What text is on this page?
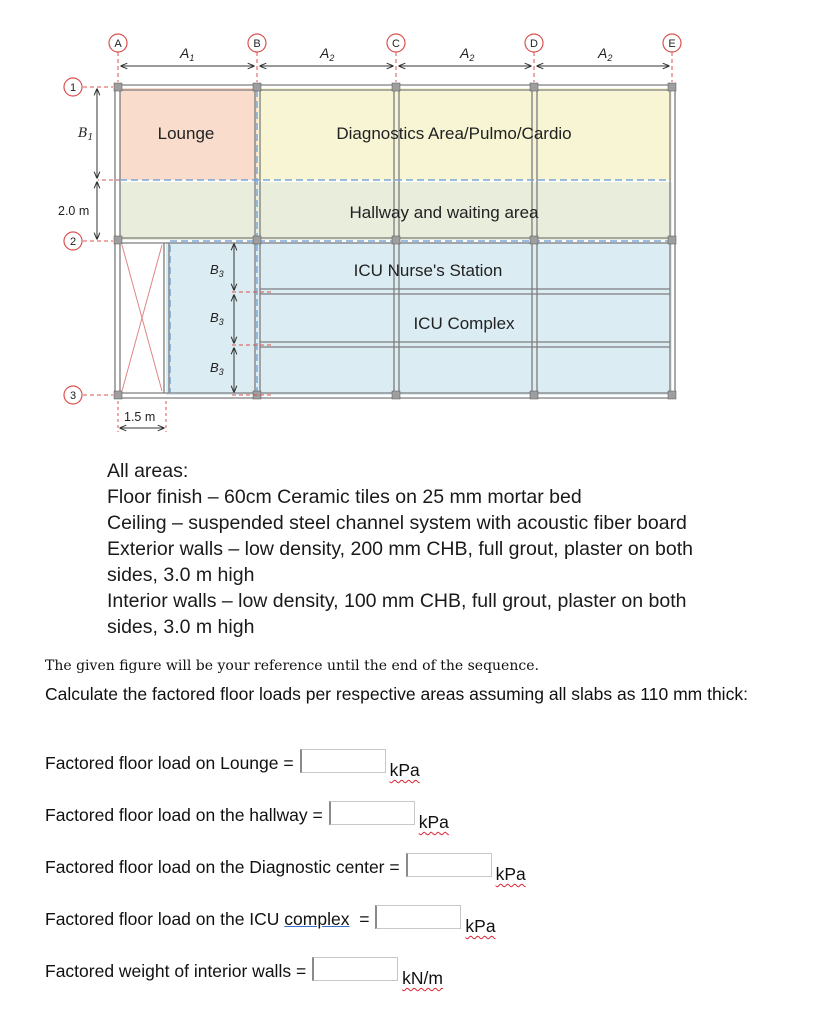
A	B	C	D	E
1
2
3
$A_1$	$A_2$	$A_2$	$A_2$
$B_1$
2.0 m
$B_3$
$B_3$
$B_3$
1.5 m
Lounge	Diagnostics Area/Pulmo/Cardio
Hallway and waiting area
ICU Nurse's Station
ICU Complex
All areas:
Floor finish – 60cm Ceramic tiles on 25 mm mortar bed
Ceiling – suspended steel channel system with acoustic fiber board
Exterior walls – low density, 200 mm CHB, full grout, plaster on both
sides, 3.0 m high
Interior walls – low density, 100 mm CHB, full grout, plaster on both
sides, 3.0 m high
The given figure will be your reference until the end of the sequence.
Calculate the factored floor loads per respective areas assuming all slabs as 110 mm thick:
Factored floor load on Lounge =	kPa
Factored floor load on the hallway =	kPa
Factored floor load on the Diagnostic center =	kPa
Factored floor load on the ICU complex  =	kPa
Factored weight of interior walls =	kN/m
